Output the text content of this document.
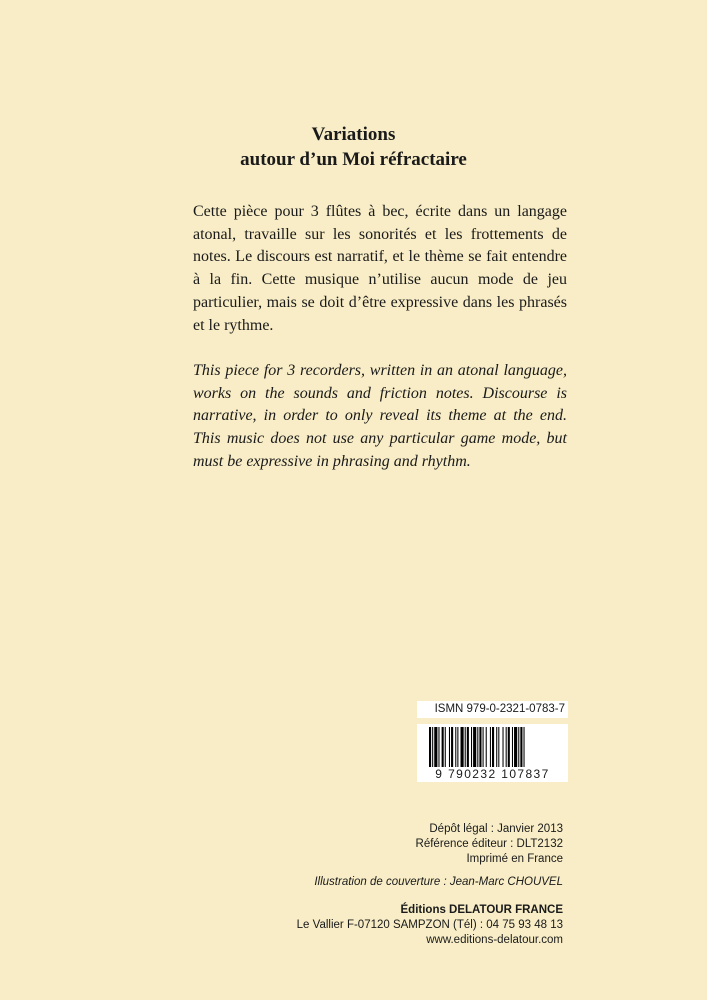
Variations
autour d’un Moi réfractaire

Cette pièce pour 3 flûtes à bec, écrite dans un langage atonal, travaille sur les sonorités et les frottements de notes. Le discours est narratif, et le thème se fait entendre à la fin. Cette musique n’utilise aucun mode de jeu particulier, mais se doit d’être expressive dans les phrasés et le rythme.

This piece for 3 recorders, written in an atonal language, works on the sounds and friction notes. Discourse is narrative, in order to only reveal its theme at the end. This music does not use any particular game mode, but must be expressive in phrasing and rhythm.

ISMN 979-0-2321-0783-7
9 790232 107837
Dépôt légal : Janvier 2013
Référence éditeur : DLT2132
Imprimé en France
Illustration de couverture : Jean-Marc CHOUVEL
Éditions DELATOUR FRANCE
Le Vallier F-07120 SAMPZON (Tél) : 04 75 93 48 13
www.editions-delatour.com
